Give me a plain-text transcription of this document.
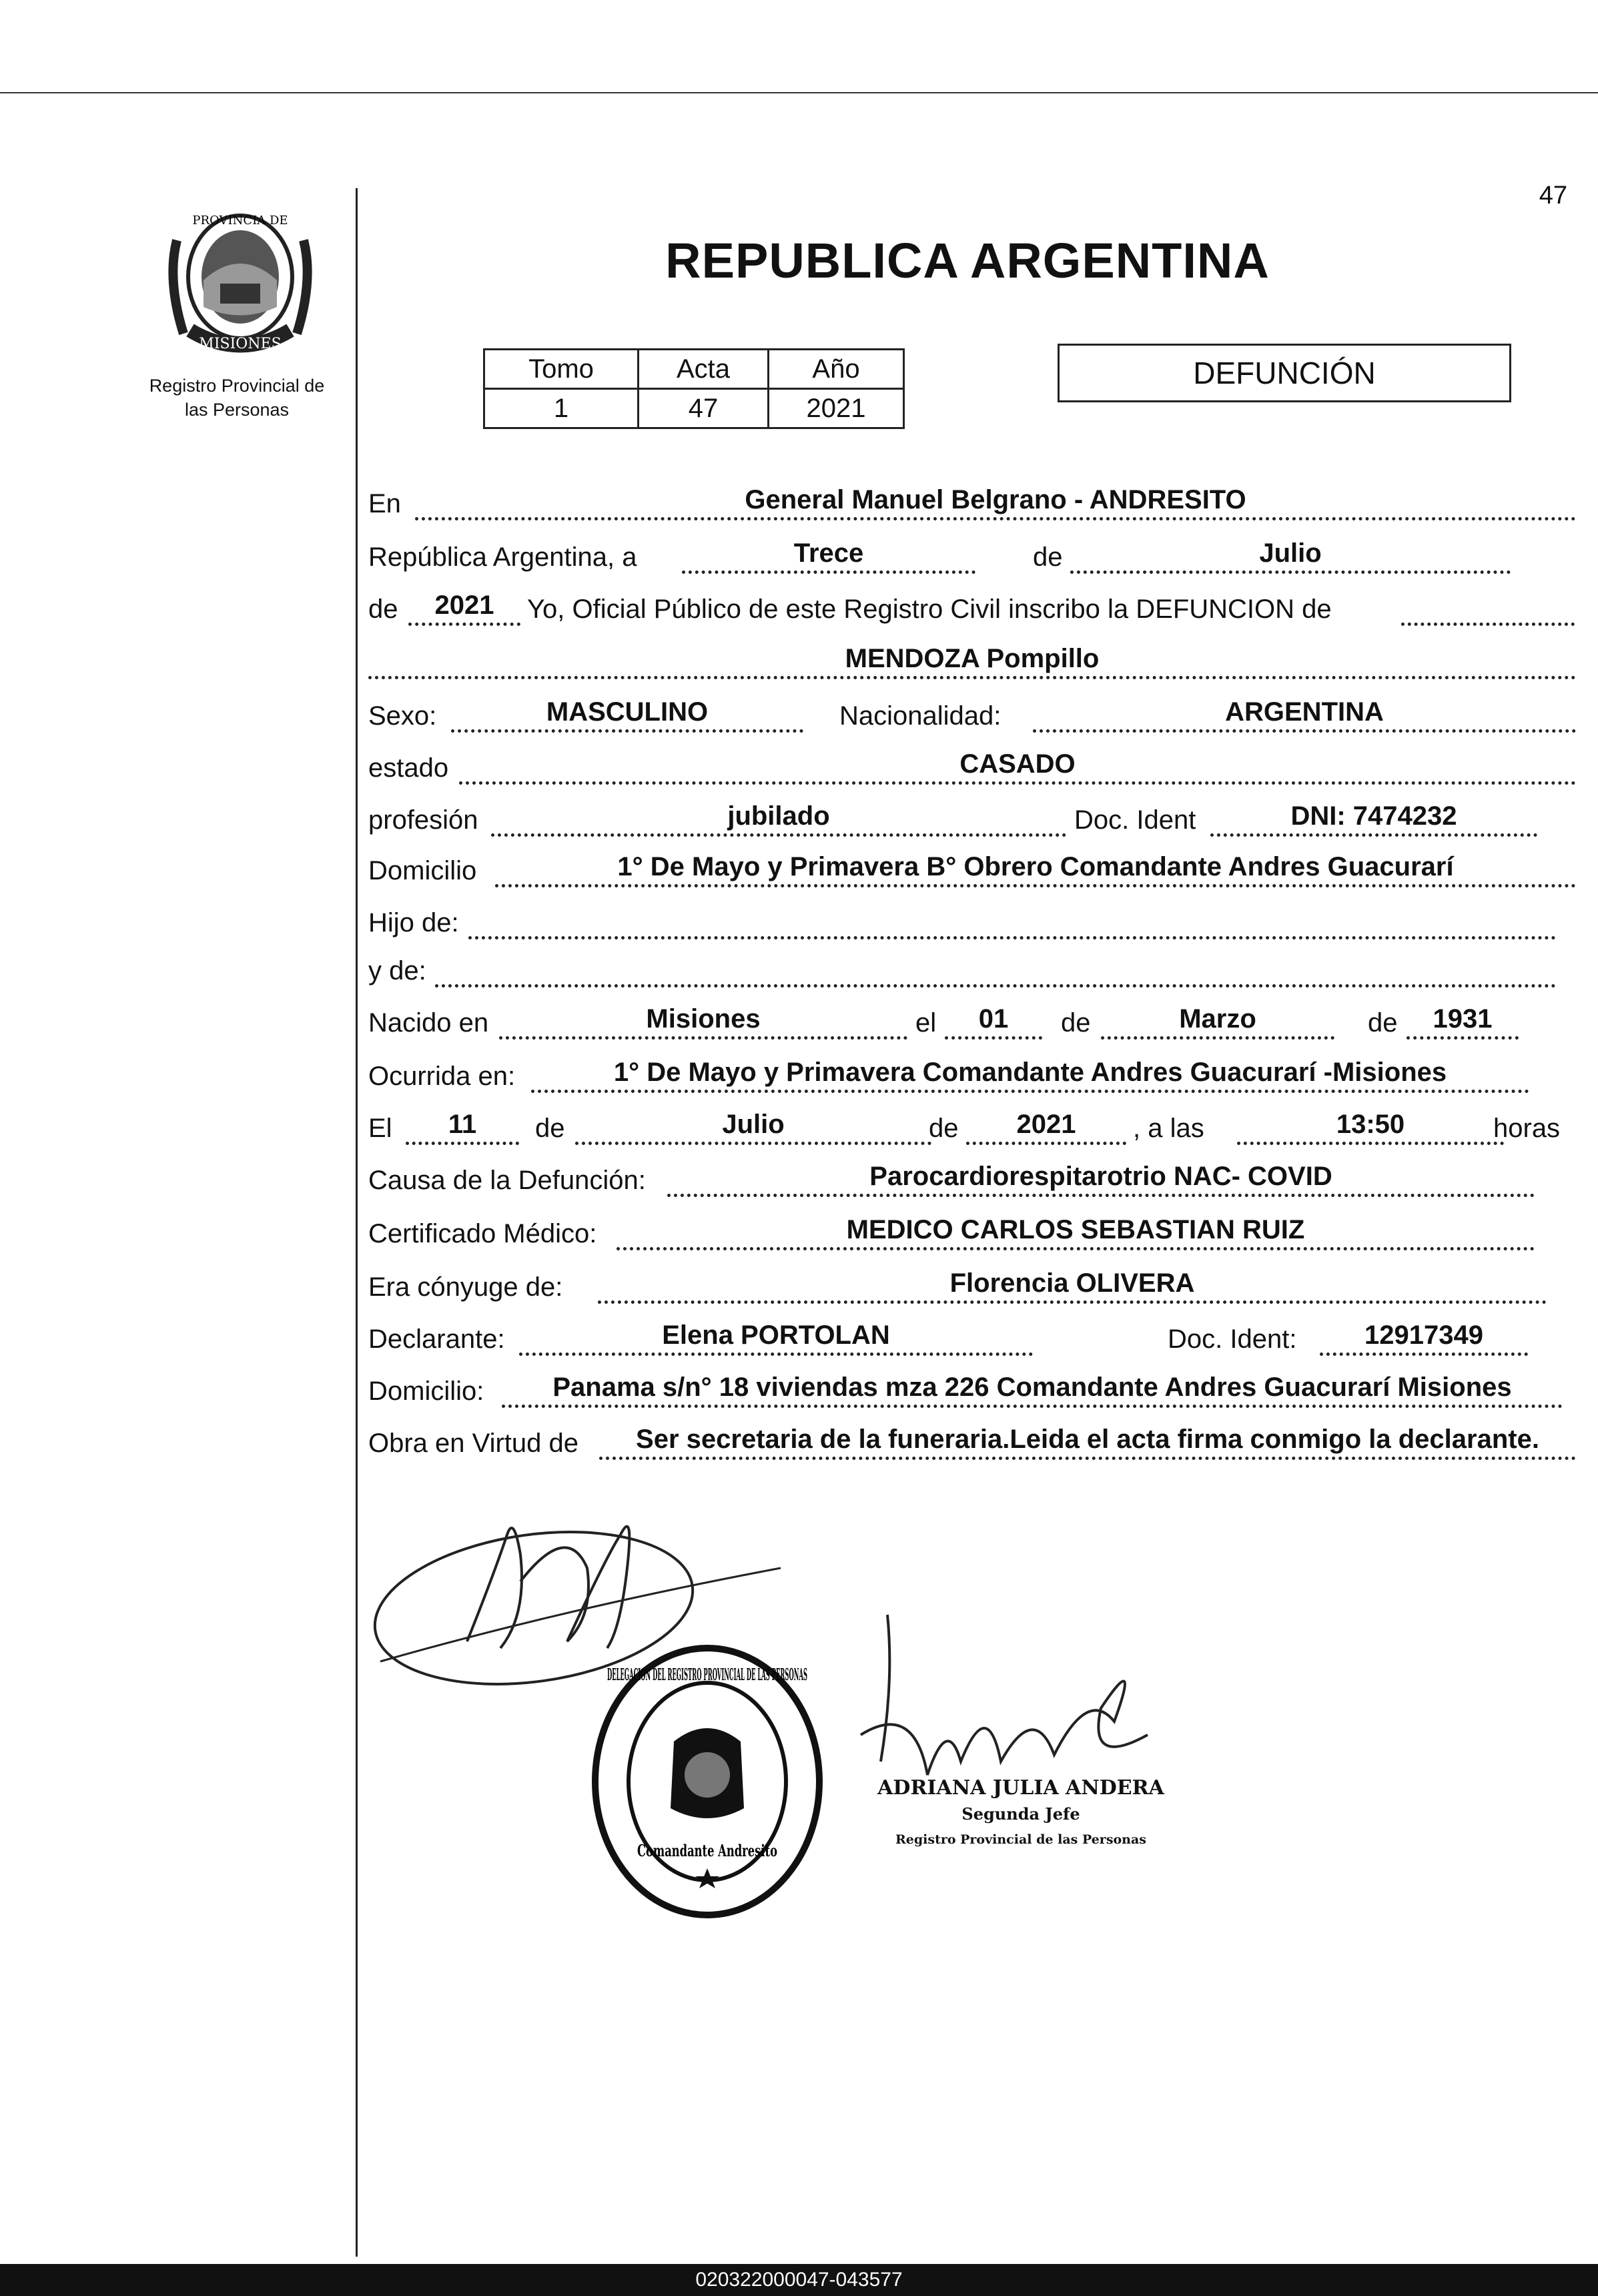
47
PROVINCIA DE
MISIONES
Registro Provincial de
las Personas
REPUBLICA ARGENTINA
Tomo	Acta	Año
1	47	2021
DEFUNCIÓN
En	General Manuel Belgrano - ANDRESITO
República Argentina, a	Trece	de	Julio
de	2021	Yo, Oficial Público de este Registro Civil inscribo la DEFUNCION de
MENDOZA Pompillo
Sexo:	MASCULINO	Nacionalidad:	ARGENTINA
estado	CASADO
profesión	jubilado	Doc. Ident	DNI: 7474232
Domicilio	1° De Mayo y Primavera B° Obrero Comandante Andres Guacurarí
Hijo de:
y de:
Nacido en	Misiones	el	01	de	Marzo	de	1931
Ocurrida en:	1° De Mayo y Primavera Comandante Andres Guacurarí -Misiones
El	11	de	Julio	de	2021	, a las	13:50	horas
Causa de la Defunción:	Parocardiorespitarotrio NAC- COVID
Certificado Médico:	MEDICO CARLOS SEBASTIAN RUIZ
Era cónyuge de:	Florencia OLIVERA
Declarante:	Elena PORTOLAN	Doc. Ident:	12917349
Domicilio:	Panama s/n° 18 viviendas mza 226 Comandante Andres Guacurarí Misiones
Obra en Virtud de	Ser secretaria de la funeraria.Leida el acta firma conmigo la declarante.
DELEGACION DEL REGISTRO PROVINCIAL DE LAS PERSONAS
Comandante Andresito
ADRIANA JULIA ANDERA
Segunda Jefe
Registro Provincial de las Personas
020322000047-043577
